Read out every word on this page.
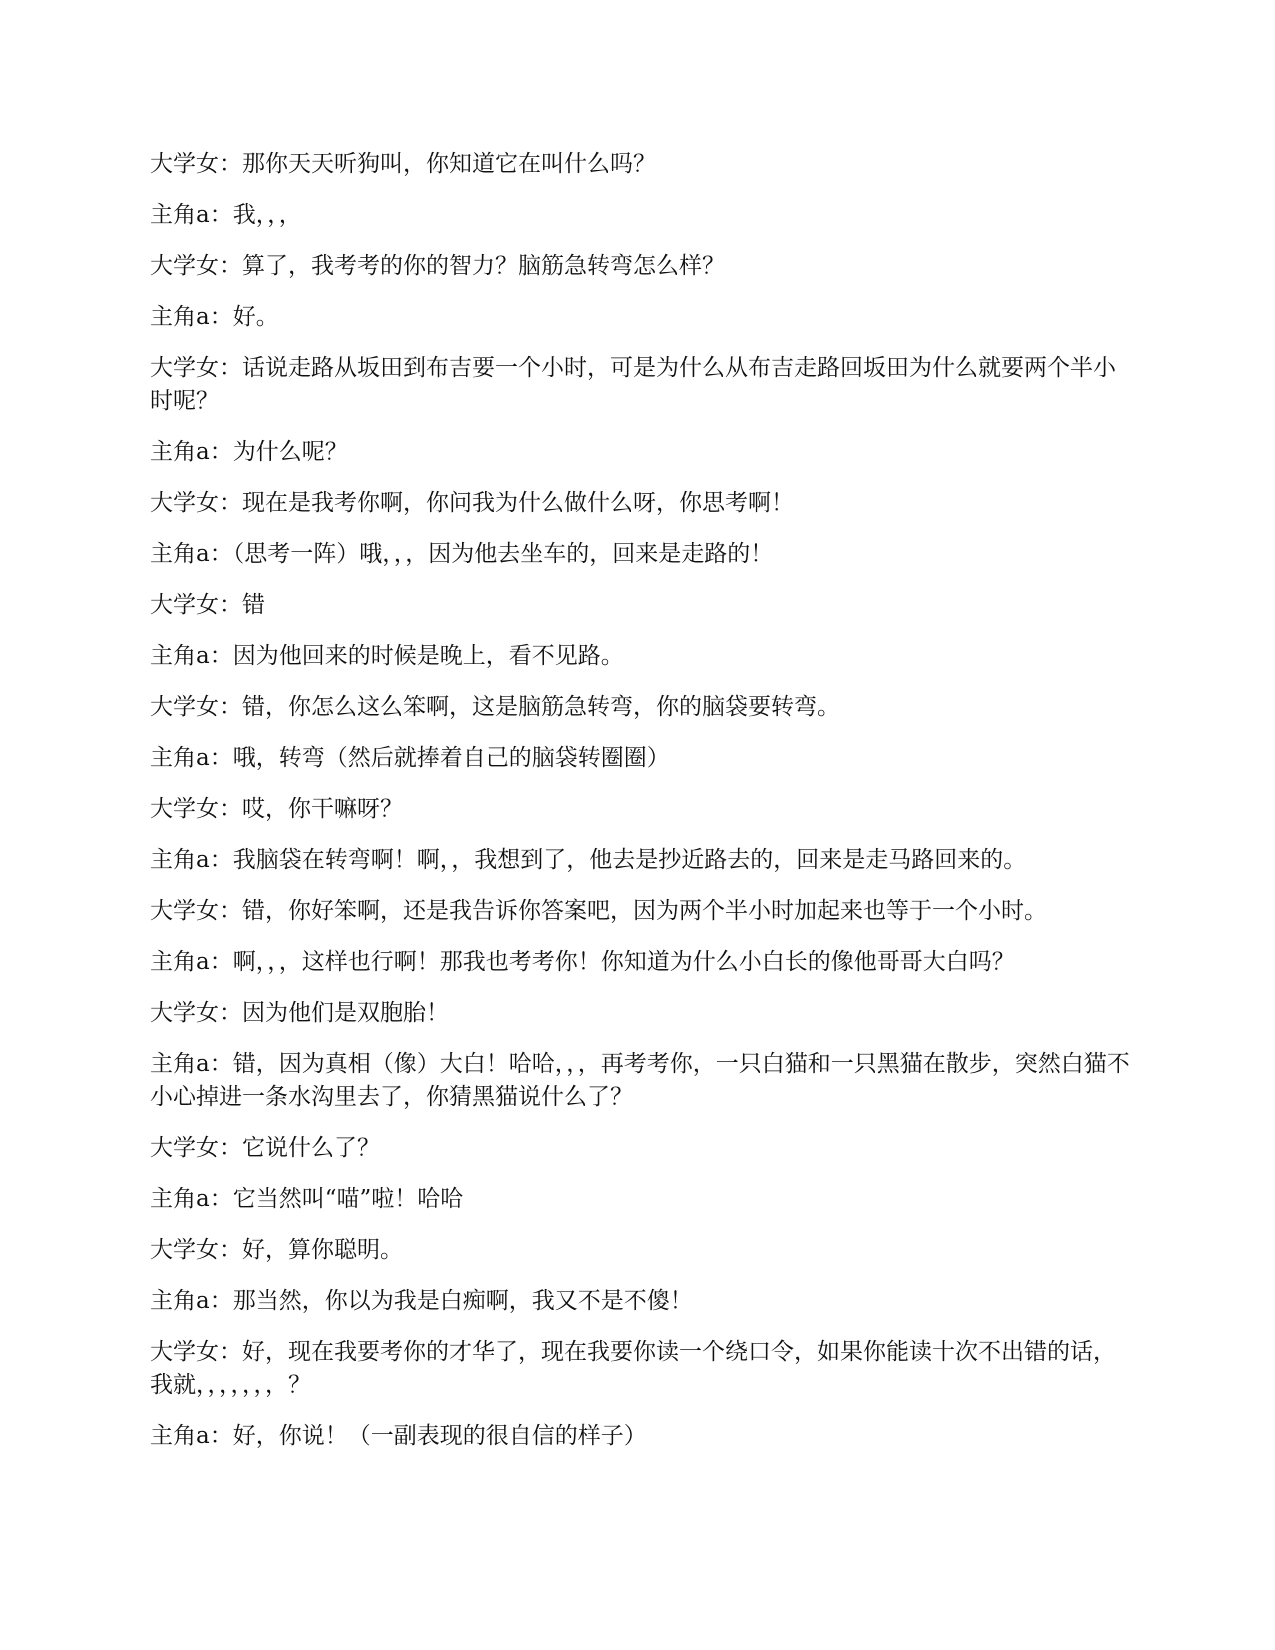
大学女：那你天天听狗叫，你知道它在叫什么吗？

主角a：我，，，

大学女：算了，我考考的你的智力？脑筋急转弯怎么样？

主角a：好。

大学女：话说走路从坂田到布吉要一个小时，可是为什么从布吉走路回坂田为什么就要两个半小时呢？

主角a：为什么呢？

大学女：现在是我考你啊，你问我为什么做什么呀，你思考啊！

主角a：（思考一阵）哦，，，因为他去坐车的，回来是走路的！

大学女：错

主角a：因为他回来的时候是晚上，看不见路。

大学女：错，你怎么这么笨啊，这是脑筋急转弯，你的脑袋要转弯。

主角a：哦，转弯（然后就捧着自己的脑袋转圈圈）

大学女：哎，你干嘛呀？

主角a：我脑袋在转弯啊！啊，，我想到了，他去是抄近路去的，回来是走马路回来的。

大学女：错，你好笨啊，还是我告诉你答案吧，因为两个半小时加起来也等于一个小时。

主角a：啊，，，这样也行啊！那我也考考你！你知道为什么小白长的像他哥哥大白吗？

大学女：因为他们是双胞胎！

主角a：错，因为真相（像）大白！哈哈，，，再考考你，一只白猫和一只黑猫在散步，突然白猫不小心掉进一条水沟里去了，你猜黑猫说什么了？

大学女：它说什么了？

主角a：它当然叫“喵”啦！哈哈

大学女：好，算你聪明。

主角a：那当然，你以为我是白痴啊，我又不是不傻！

大学女：好，现在我要考你的才华了，现在我要你读一个绕口令，如果你能读十次不出错的话，我就，，，，，，，？

主角a：好，你说！（一副表现的很自信的样子）
